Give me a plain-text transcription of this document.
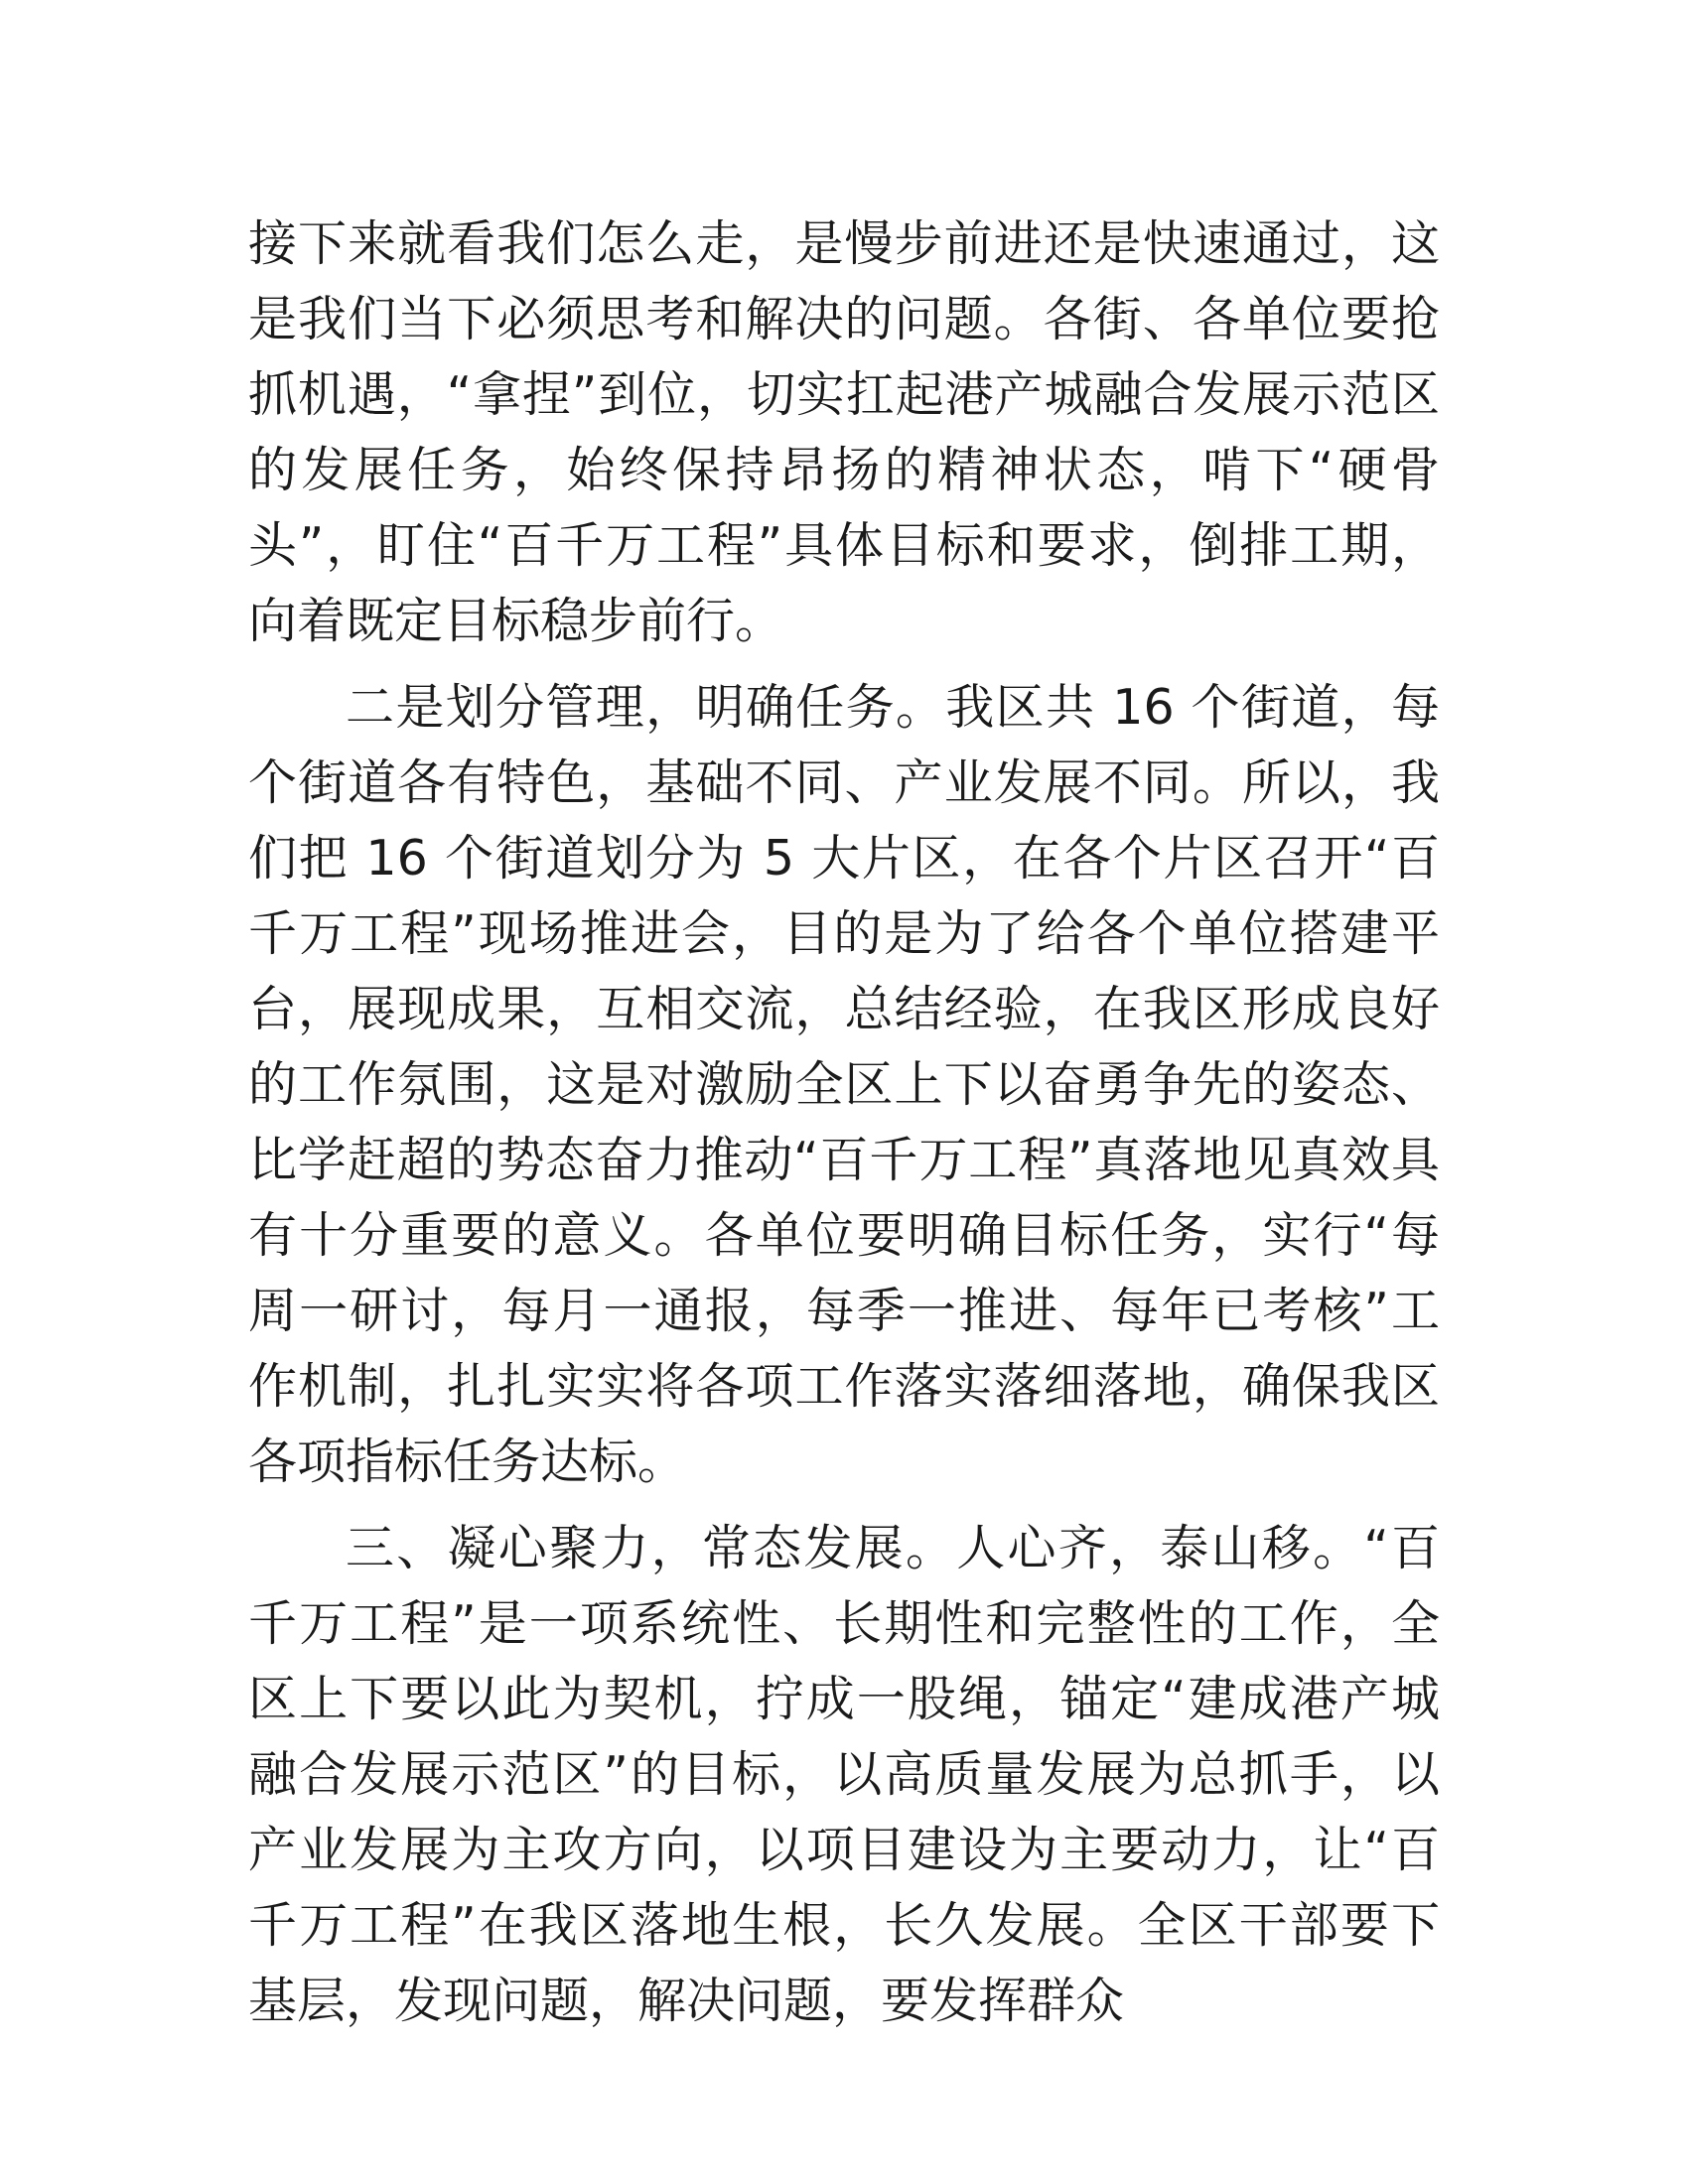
接下来就看我们怎么走，是慢步前进还是快速通过，这是我们当下必须思考和解决的问题。各街、各单位要抢抓机遇，“拿捏”到位，切实扛起港产城融合发展示范区的发展任务，始终保持昂扬的精神状态，啃下“硬骨头”，盯住“百千万工程”具体目标和要求，倒排工期，向着既定目标稳步前行。

二是划分管理，明确任务。我区共 16 个街道，每个街道各有特色，基础不同、产业发展不同。所以，我们把 16 个街道划分为 5 大片区，在各个片区召开“百千万工程”现场推进会，目的是为了给各个单位搭建平台，展现成果，互相交流，总结经验，在我区形成良好的工作氛围，这是对激励全区上下以奋勇争先的姿态、比学赶超的势态奋力推动“百千万工程”真落地见真效具有十分重要的意义。各单位要明确目标任务，实行“每周一研讨，每月一通报，每季一推进、每年已考核”工作机制，扎扎实实将各项工作落实落细落地，确保我区各项指标任务达标。

三、凝心聚力，常态发展。人心齐，泰山移。“百千万工程”是一项系统性、长期性和完整性的工作，全区上下要以此为契机，拧成一股绳，锚定“建成港产城融合发展示范区”的目标，以高质量发展为总抓手，以产业发展为主攻方向，以项目建设为主要动力，让“百千万工程”在我区落地生根，长久发展。全区干部要下基层，发现问题，解决问题，要发挥群众
